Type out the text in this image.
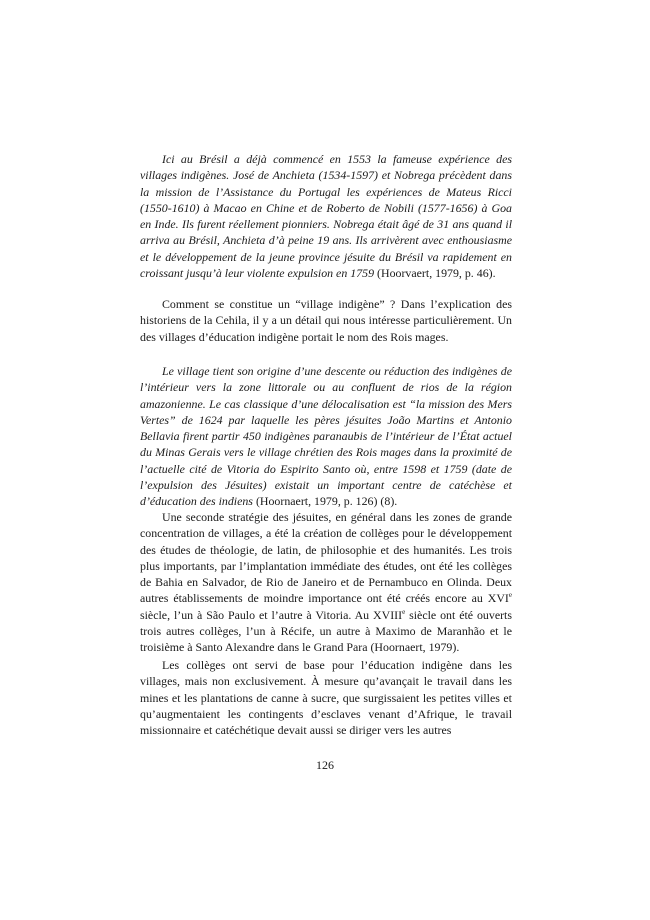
Ici au Brésil a déjà commencé en 1553 la fameuse expérience des villages indigènes. José de Anchieta (1534-1597) et Nobrega précèdent dans la mission de l’Assistance du Portugal les expériences de Mateus Ricci (1550-1610) à Macao en Chine et de Roberto de Nobili (1577-1656) à Goa en Inde. Ils furent réellement pionniers. Nobrega était âgé de 31 ans quand il arriva au Brésil, Anchieta d’à peine 19 ans. Ils arrivèrent avec enthousiasme et le développement de la jeune province jésuite du Brésil va rapidement en croissant jusqu’à leur violente expulsion en 1759 (Hoorvaert, 1979, p. 46).

Comment se constitue un “village indigène” ? Dans l’explication des historiens de la Cehila, il y a un détail qui nous intéresse particulièrement. Un des villages d’éducation indigène portait le nom des Rois mages.

Le village tient son origine d’une descente ou réduction des indigènes de l’intérieur vers la zone littorale ou au confluent de rios de la région amazonienne. Le cas classique d’une délocalisation est “la mission des Mers Vertes” de 1624 par laquelle les pères jésuites João Martins et Antonio Bellavia firent partir 450 indigènes paranaubis de l’intérieur de l’État actuel du Minas Gerais vers le village chrétien des Rois mages dans la proximité de l’actuelle cité de Vitoria do Espirito Santo où, entre 1598 et 1759 (date de l’expulsion des Jésuites) existait un important centre de catéchèse et d’éducation des indiens (Hoornaert, 1979, p. 126) (8).

Une seconde stratégie des jésuites, en général dans les zones de grande concentration de villages, a été la création de collèges pour le développement des études de théologie, de latin, de philosophie et des humanités. Les trois plus importants, par l’implantation immédiate des études, ont été les collèges de Bahia en Salvador, de Rio de Janeiro et de Pernambuco en Olinda. Deux autres établissements de moindre importance ont été créés encore au XVIe siècle, l’un à São Paulo et l’autre à Vitoria. Au XVIIIe siècle ont été ouverts trois autres collèges, l’un à Récife, un autre à Maximo de Maranhão et le troisième à Santo Alexandre dans le Grand Para (Hoornaert, 1979).

Les collèges ont servi de base pour l’éducation indigène dans les villages, mais non exclusivement. À mesure qu’avançait le travail dans les mines et les plantations de canne à sucre, que surgissaient les petites villes et qu’augmentaient les contingents d’esclaves venant d’Afrique, le travail missionnaire et catéchétique devait aussi se diriger vers les autres

126
